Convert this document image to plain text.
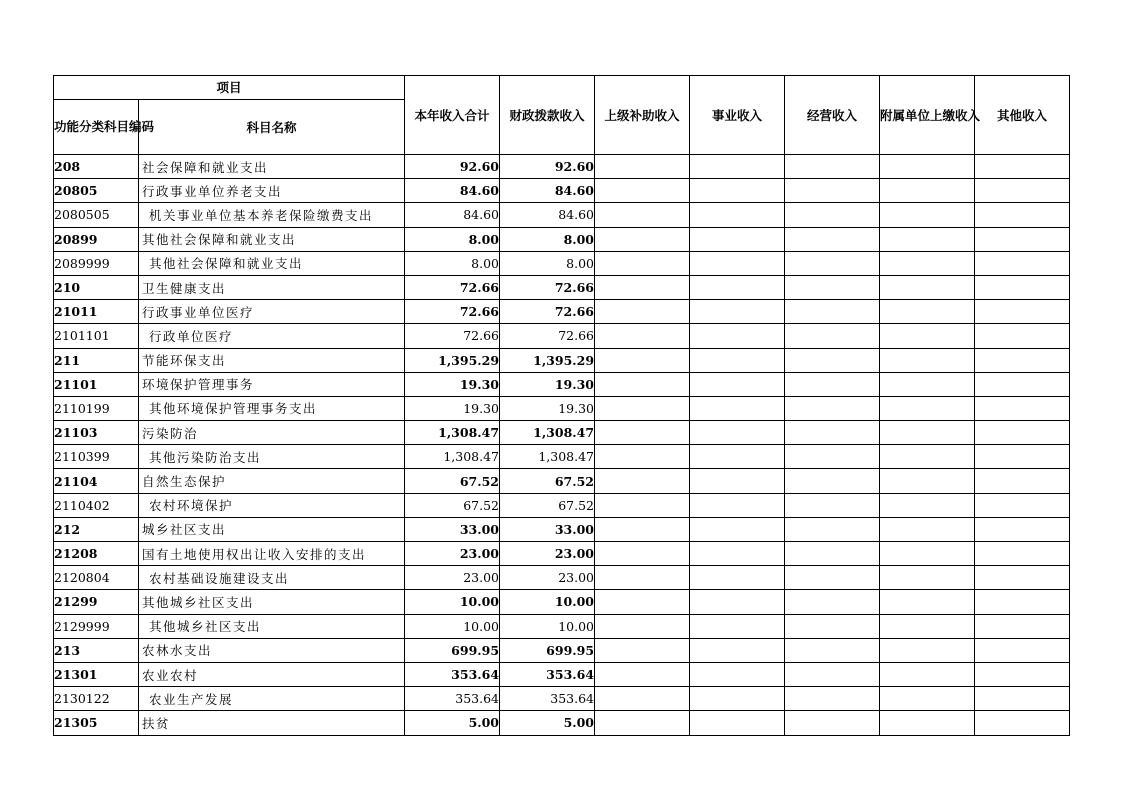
项目		本年收入合计	财政拨款收入	上级补助收入	事业收入	经营收入	附属单位上缴收入	其他收入
功能分类科目编码	科目名称							
208	社会保障和就业支出	92.60	92.60					
20805	行政事业单位养老支出	84.60	84.60					
2080505	机关事业单位基本养老保险缴费支出	84.60	84.60					
20899	其他社会保障和就业支出	8.00	8.00					
2089999	其他社会保障和就业支出	8.00	8.00					
210	卫生健康支出	72.66	72.66					
21011	行政事业单位医疗	72.66	72.66					
2101101	行政单位医疗	72.66	72.66					
211	节能环保支出	1,395.29	1,395.29					
21101	环境保护管理事务	19.30	19.30					
2110199	其他环境保护管理事务支出	19.30	19.30					
21103	污染防治	1,308.47	1,308.47					
2110399	其他污染防治支出	1,308.47	1,308.47					
21104	自然生态保护	67.52	67.52					
2110402	农村环境保护	67.52	67.52					
212	城乡社区支出	33.00	33.00					
21208	国有土地使用权出让收入安排的支出	23.00	23.00					
2120804	农村基础设施建设支出	23.00	23.00					
21299	其他城乡社区支出	10.00	10.00					
2129999	其他城乡社区支出	10.00	10.00					
213	农林水支出	699.95	699.95					
21301	农业农村	353.64	353.64					
2130122	农业生产发展	353.64	353.64					
21305	扶贫	5.00	5.00					
